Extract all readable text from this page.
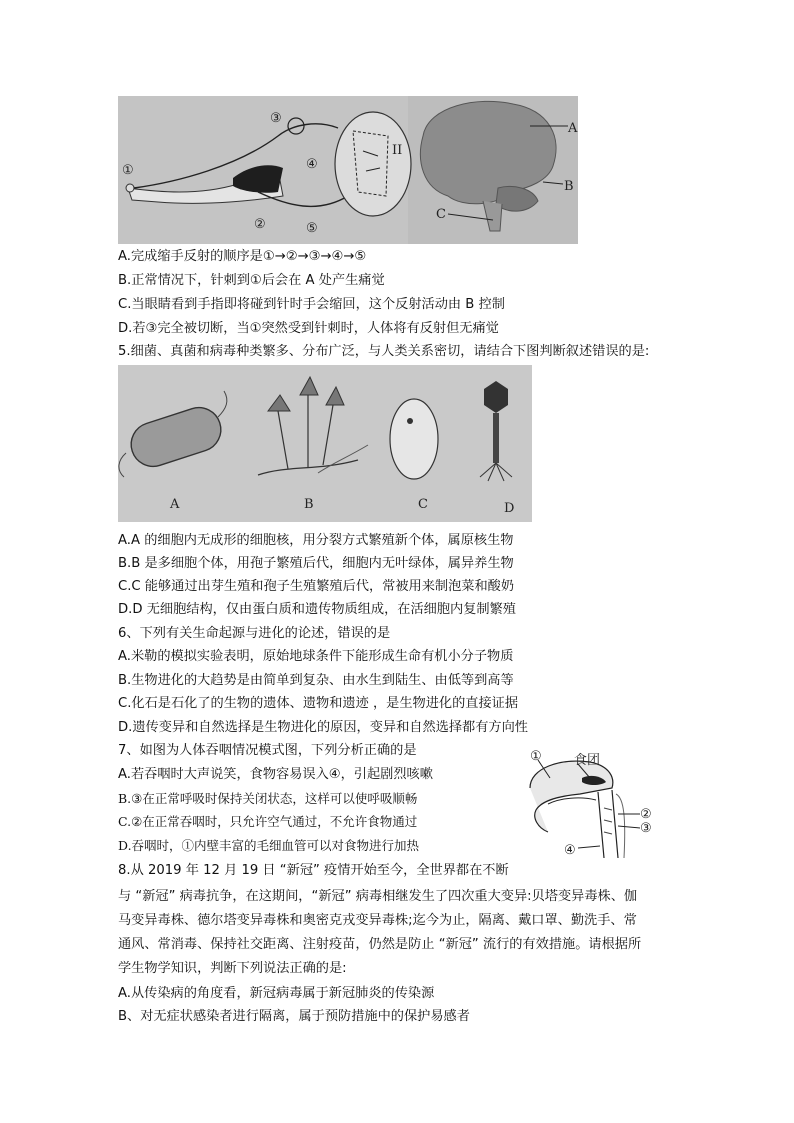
①
②
③
④
⑤
II
A
B
C
A.完成缩手反射的顺序是①→②→③→④→⑤
B.正常情况下，针刺到①后会在 A 处产生痛觉
C.当眼睛看到手指即将碰到针时手会缩回，这个反射活动由 B 控制
D.若③完全被切断，当①突然受到针刺时，人体将有反射但无痛觉
5.细菌、真菌和病毒种类繁多、分布广泛，与人类关系密切，请结合下图判断叙述错误的是:
A	B	C	D
A.A 的细胞内无成形的细胞核，用分裂方式繁殖新个体，属原核生物
B.B 是多细胞个体，用孢子繁殖后代，细胞内无叶绿体，属异养生物
C.C 能够通过出芽生殖和孢子生殖繁殖后代，常被用来制泡菜和酸奶
D.D 无细胞结构，仅由蛋白质和遗传物质组成，在活细胞内复制繁殖
6、下列有关生命起源与进化的论述，错误的是
A.米勒的模拟实验表明，原始地球条件下能形成生命有机小分子物质
B.生物进化的大趋势是由简单到复杂、由水生到陆生、由低等到高等
C.化石是石化了的生物的遗体、遗物和遗迹 ，是生物进化的直接证据
D.遗传变异和自然选择是生物进化的原因，变异和自然选择都有方向性
7、如图为人体吞咽情况模式图，下列分析正确的是
A.若吞咽时大声说笑，食物容易误入④，引起剧烈咳嗽
B.③在正常呼吸时保持关闭状态，这样可以使呼吸顺畅
C.②在正常吞咽时，只允许空气通过，不允许食物通过
D.吞咽时，①内壁丰富的毛细血管可以对食物进行加热
① 食团
②
③
④
8.从 2019 年 12 月 19 日 “新冠” 疫情开始至今，全世界都在不断
与 “新冠” 病毒抗争，在这期间，“新冠” 病毒相继发生了四次重大变异:贝塔变异毒株、伽
马变异毒株、德尔塔变异毒株和奥密克戎变异毒株;迄今为止，隔离、戴口罩、勤洗手、常
通风、常消毒、保持社交距离、注射疫苗，仍然是防止 “新冠” 流行的有效措施。请根据所
学生物学知识，判断下列说法正确的是:
A.从传染病的角度看，新冠病毒属于新冠肺炎的传染源
B、对无症状感染者进行隔离，属于预防措施中的保护易感者
